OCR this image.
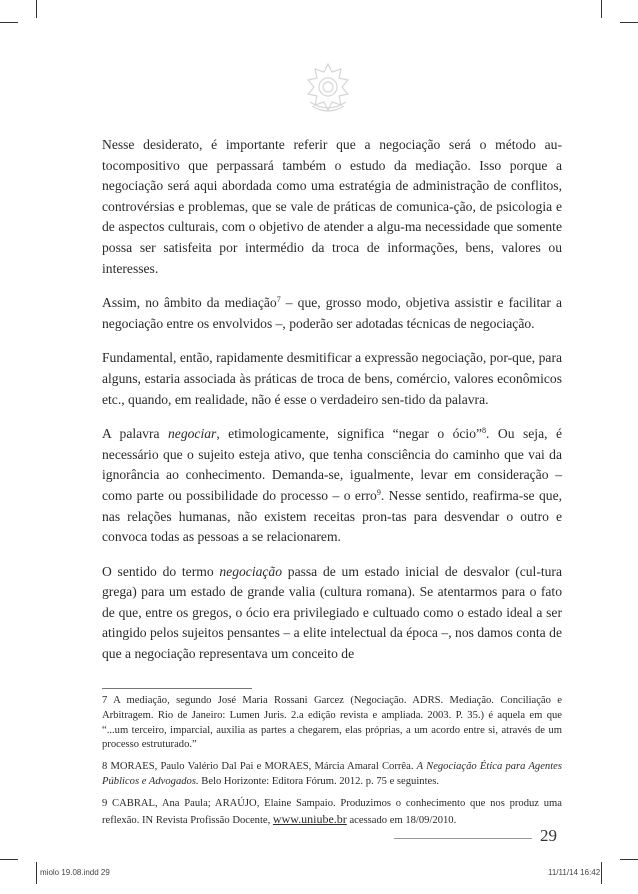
Nesse desiderato, é importante referir que a negociação será o método au-tocompositivo que perpassará também o estudo da mediação. Isso porque a negociação será aqui abordada como uma estratégia de administração de conflitos, controvérsias e problemas, que se vale de práticas de comunica-ção, de psicologia e de aspectos culturais, com o objetivo de atender a algu-ma necessidade que somente possa ser satisfeita por intermédio da troca de informações, bens, valores ou interesses.

Assim, no âmbito da mediação$^7$ – que, grosso modo, objetiva assistir e facilitar a negociação entre os envolvidos –, poderão ser adotadas técnicas de negociação.

Fundamental, então, rapidamente desmitificar a expressão negociação, por-que, para alguns, estaria associada às práticas de troca de bens, comércio, valores econômicos etc., quando, em realidade, não é esse o verdadeiro sen-tido da palavra.

A palavra negociar, etimologicamente, significa “negar o ócio”$^8$. Ou seja, é necessário que o sujeito esteja ativo, que tenha consciência do caminho que vai da ignorância ao conhecimento. Demanda-se, igualmente, levar em consideração – como parte ou possibilidade do processo – o erro$^9$. Nesse sentido, reafirma-se que, nas relações humanas, não existem receitas pron-tas para desvendar o outro e convoca todas as pessoas a se relacionarem.

O sentido do termo negociação passa de um estado inicial de desvalor (cul-tura grega) para um estado de grande valia (cultura romana). Se atentarmos para o fato de que, entre os gregos, o ócio era privilegiado e cultuado como o estado ideal a ser atingido pelos sujeitos pensantes – a elite intelectual da época –, nos damos conta de que a negociação representava um conceito de

7 A mediação, segundo José Maria Rossani Garcez (Negociação. ADRS. Mediação. Conciliação e Arbitragem. Rio de Janeiro: Lumen Juris. 2.a edição revista e ampliada. 2003. P. 35.) é aquela em que “...um terceiro, imparcial, auxilia as partes a chegarem, elas próprias, a um acordo entre si, através de um processo estruturado.”

8 MORAES, Paulo Valério Dal Pai e MORAES, Márcia Amaral Corrêa. A Negociação Ética para Agentes Públicos e Advogados. Belo Horizonte: Editora Fórum. 2012. p. 75 e seguintes.

9 CABRAL, Ana Paula; ARAÚJO, Elaine Sampaio. Produzimos o conhecimento que nos produz uma reflexão. IN Revista Profissão Docente, www.uniube.br acessado em 18/09/2010.

29
miolo 19.08.indd 29	11/11/14 16:42
